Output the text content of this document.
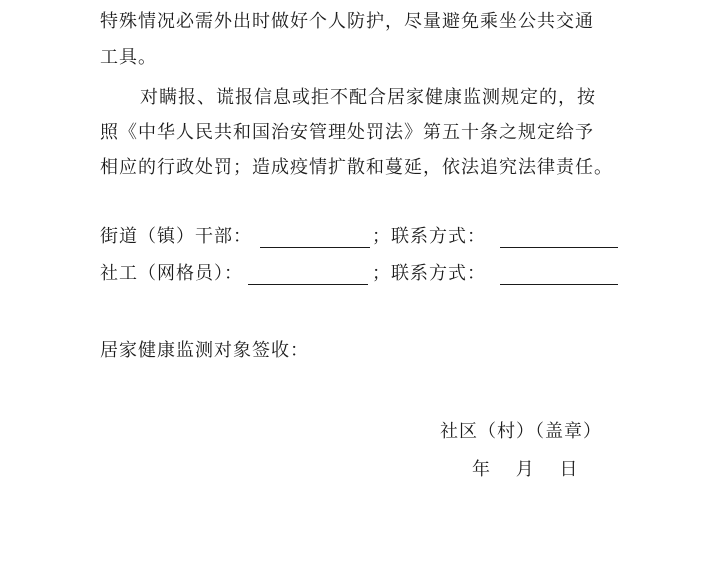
特殊情况必需外出时做好个人防护，尽量避免乘坐公共交通
工具。
对瞒报、谎报信息或拒不配合居家健康监测规定的，按
照《中华人民共和国治安管理处罚法》第五十条之规定给予
相应的行政处罚；造成疫情扩散和蔓延，依法追究法律责任。
街道（镇）干部：	；联系方式：
社工（网格员）：	；联系方式：
居家健康监测对象签收：
社区（村）（盖章）
年 月 日
